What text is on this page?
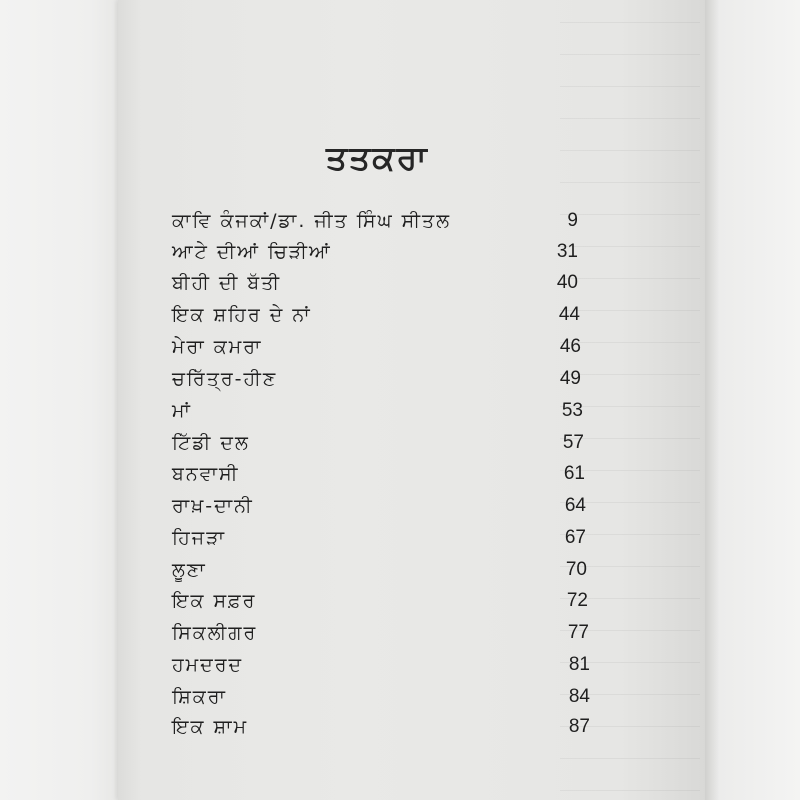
ਤਤਕਰਾ
ਕਾਵਿ ਕੰਜਕਾਂ/ਡਾ. ਜੀਤ ਸਿੰਘ ਸੀਤਲ	9
ਆਟੇ ਦੀਆਂ ਚਿੜੀਆਂ	31
ਬੀਹੀ ਦੀ ਬੱਤੀ	40
ਇਕ ਸ਼ਹਿਰ ਦੇ ਨਾਂ	44
ਮੇਰਾ ਕਮਰਾ	46
ਚਰਿੱਤ੍ਰ-ਹੀਣ	49
ਮਾਂ	53
ਟਿੱਡੀ ਦਲ	57
ਬਨਵਾਸੀ	61
ਰਾਖ਼-ਦਾਨੀ	64
ਹਿਜੜਾ	67
ਲੂਣਾ	70
ਇਕ ਸਫ਼ਰ	72
ਸਿਕਲੀਗਰ	77
ਹਮਦਰਦ	81
ਸ਼ਿਕਰਾ	84
ਇਕ ਸ਼ਾਮ	87
